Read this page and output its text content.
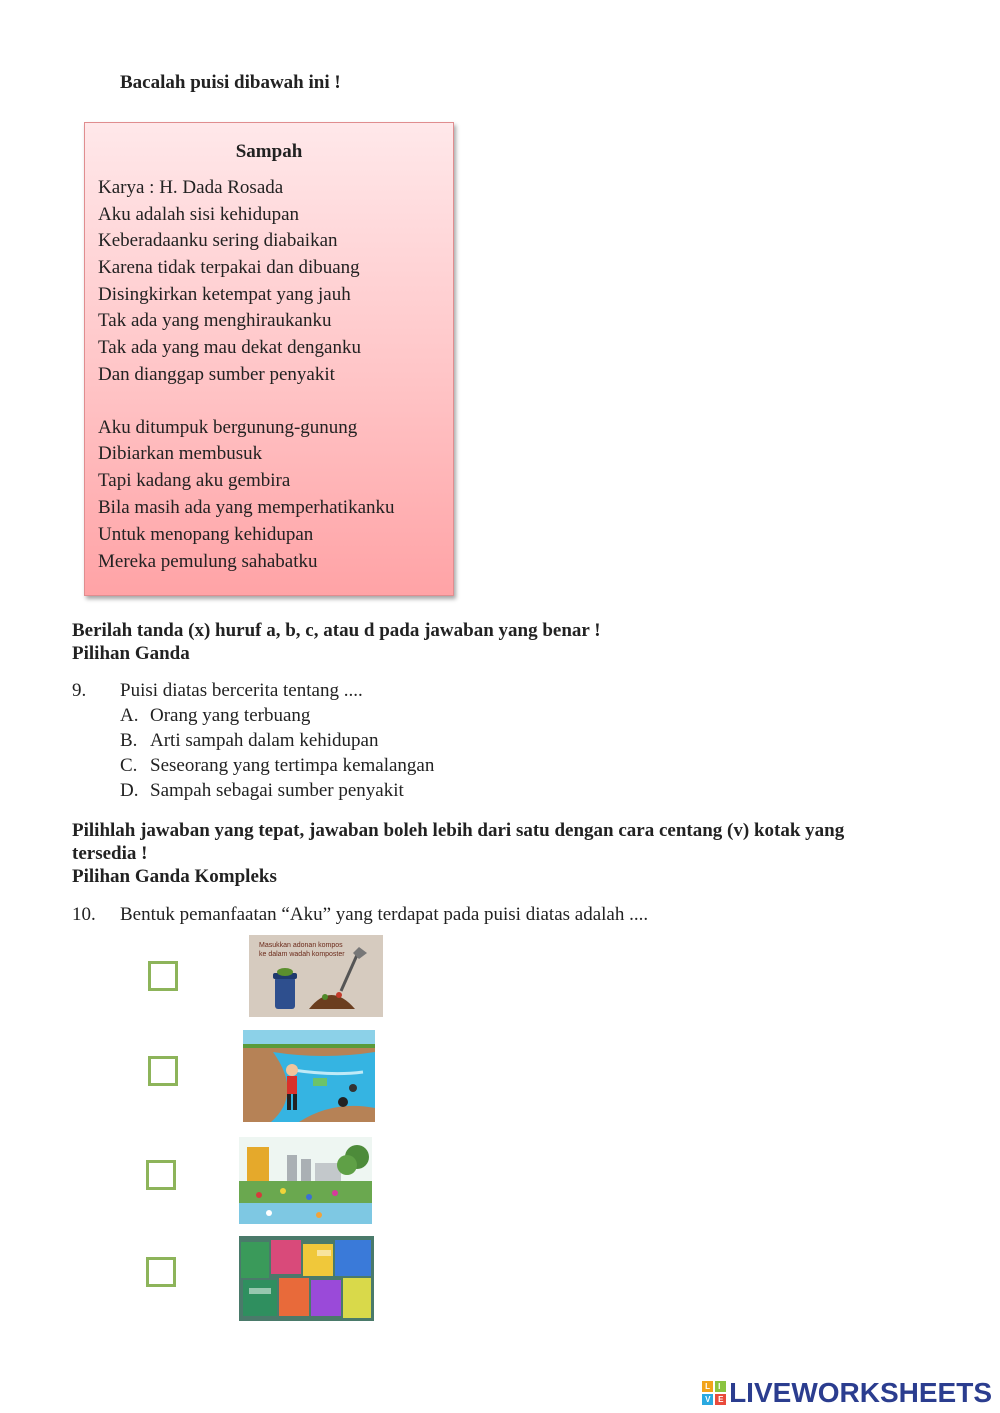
Bacalah puisi dibawah ini !
Sampah
Karya : H. Dada Rosada
Aku adalah sisi kehidupan
Keberadaanku sering diabaikan
Karena tidak terpakai dan dibuang
Disingkirkan ketempat yang jauh
Tak ada yang menghiraukanku
Tak ada yang mau dekat denganku
Dan dianggap sumber penyakit
Aku ditumpuk bergunung-gunung
Dibiarkan membusuk
Tapi kadang aku gembira
Bila masih ada yang memperhatikanku
Untuk menopang kehidupan
Mereka pemulung sahabatku
Berilah tanda (x) huruf a, b, c, atau d pada jawaban yang benar !
Pilihan Ganda
9. Puisi diatas bercerita tentang ....
A. Orang yang terbuang
B. Arti sampah dalam kehidupan
C. Seseorang yang tertimpa kemalangan
D. Sampah sebagai sumber penyakit
Pilihlah jawaban yang tepat, jawaban boleh lebih dari satu dengan cara centang (v) kotak yang
tersedia !
Pilihan Ganda Kompleks
10. Bentuk pemanfaatan “Aku” yang terdapat pada puisi diatas adalah ....
Masukkan adonan kompos
ke dalam wadah komposter
L I
V E LIVEWORKSHEETS
